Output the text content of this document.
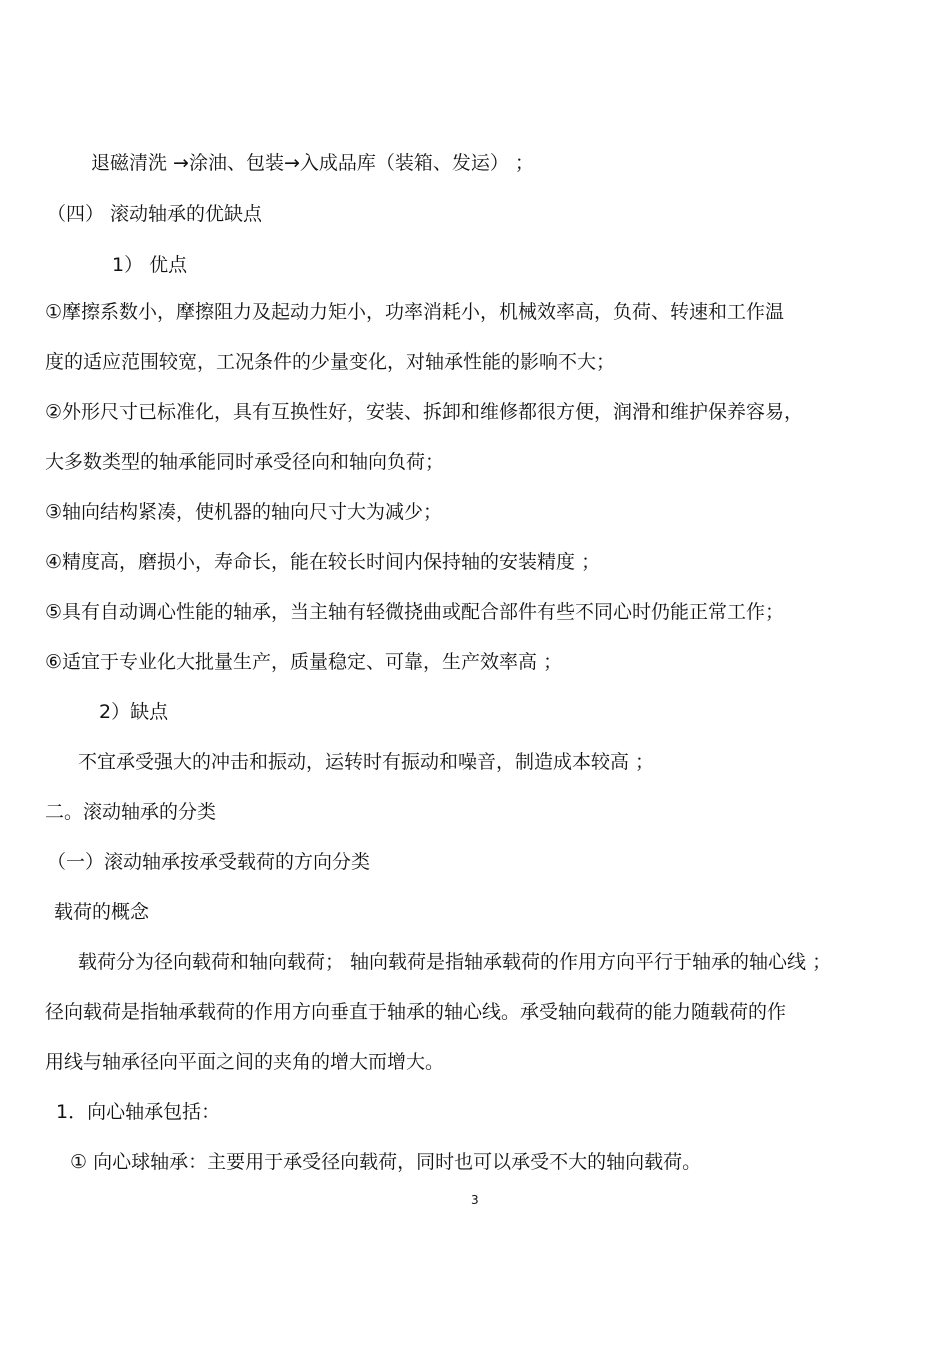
退磁清洗 →涂油、包装→入成品库（装箱、发运） ；
（四） 滚动轴承的优缺点
1） 优点
①摩擦系数小，摩擦阻力及起动力矩小，功率消耗小，机械效率高，负荷、转速和工作温
度的适应范围较宽，工况条件的少量变化，对轴承性能的影响不大；
②外形尺寸已标准化，具有互换性好，安装、拆卸和维修都很方便，润滑和维护保养容易，
大多数类型的轴承能同时承受径向和轴向负荷；
③轴向结构紧凑，使机器的轴向尺寸大为减少；
④精度高，磨损小，寿命长，能在较长时间内保持轴的安装精度 ；
⑤具有自动调心性能的轴承，当主轴有轻微挠曲或配合部件有些不同心时仍能正常工作；
⑥适宜于专业化大批量生产，质量稳定、可靠，生产效率高 ；
2）缺点
不宜承受强大的冲击和振动，运转时有振动和噪音，制造成本较高 ；
二。滚动轴承的分类
（一）滚动轴承按承受载荷的方向分类
载荷的概念
载荷分为径向载荷和轴向载荷； 轴向载荷是指轴承载荷的作用方向平行于轴承的轴心线 ；
径向载荷是指轴承载荷的作用方向垂直于轴承的轴心线。承受轴向载荷的能力随载荷的作
用线与轴承径向平面之间的夹角的增大而增大。
1．向心轴承包括：
① 向心球轴承：主要用于承受径向载荷，同时也可以承受不大的轴向载荷。
3
